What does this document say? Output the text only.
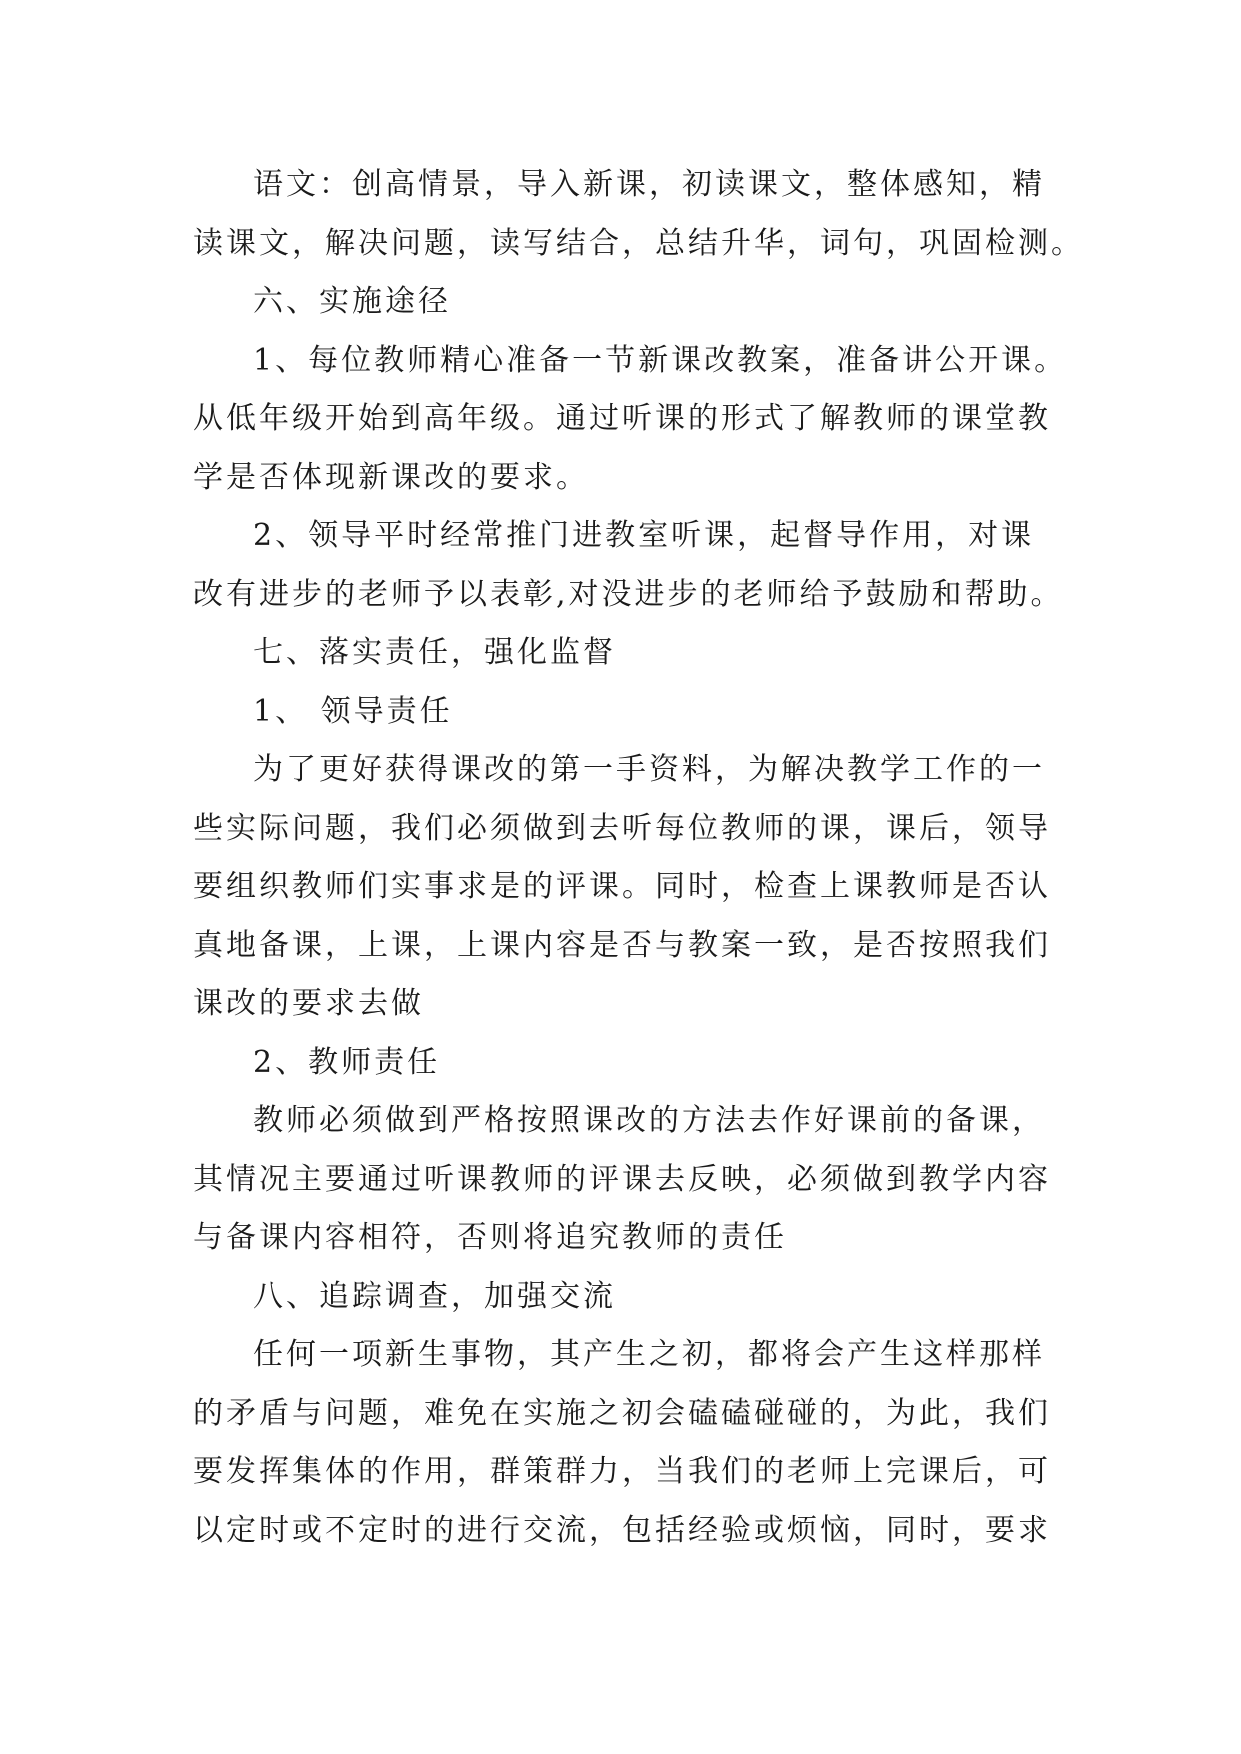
语文：创高情景，导入新课，初读课文，整体感知，精
读课文，解决问题，读写结合，总结升华，词句，巩固检测。
六、实施途径
1、每位教师精心准备一节新课改教案，准备讲公开课。
从低年级开始到高年级。通过听课的形式了解教师的课堂教
学是否体现新课改的要求。
2、领导平时经常推门进教室听课，起督导作用，对课
改有进步的老师予以表彰,对没进步的老师给予鼓励和帮助。
七、落实责任，强化监督
1、 领导责任
为了更好获得课改的第一手资料，为解决教学工作的一
些实际问题，我们必须做到去听每位教师的课，课后，领导
要组织教师们实事求是的评课。同时，检查上课教师是否认
真地备课，上课，上课内容是否与教案一致，是否按照我们
课改的要求去做
2、教师责任
教师必须做到严格按照课改的方法去作好课前的备课，
其情况主要通过听课教师的评课去反映，必须做到教学内容
与备课内容相符，否则将追究教师的责任
八、追踪调查，加强交流
任何一项新生事物，其产生之初，都将会产生这样那样
的矛盾与问题，难免在实施之初会磕磕碰碰的，为此，我们
要发挥集体的作用，群策群力，当我们的老师上完课后，可
以定时或不定时的进行交流，包括经验或烦恼，同时，要求
